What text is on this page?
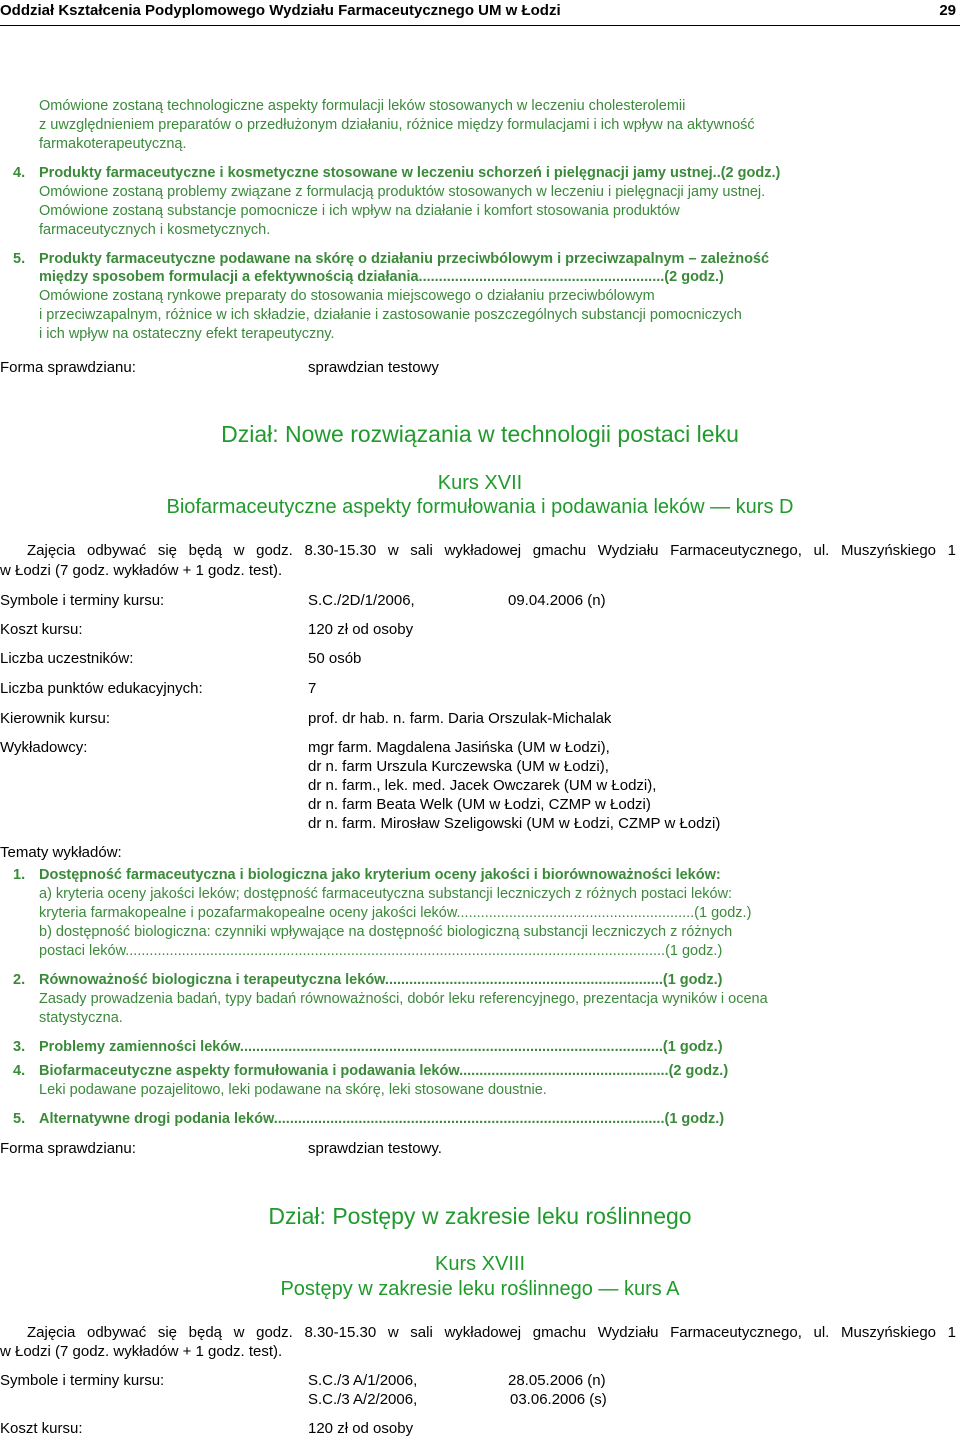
Oddział Kształcenia Podyplomowego Wydziału Farmaceutycznego UM w Łodzi	29
Omówione zostaną technologiczne aspekty formulacji leków stosowanych w leczeniu cholesterolemii
z uwzględnieniem preparatów o przedłużonym działaniu, różnice między formulacjami i ich wpływ na aktywność
farmakoterapeutyczną.
4. Produkty farmaceutyczne i kosmetyczne stosowane w leczeniu schorzeń i pielęgnacji jamy ustnej..(2 godz.)
Omówione zostaną problemy związane z formulacją produktów stosowanych w leczeniu i pielęgnacji jamy ustnej.
Omówione zostaną substancje pomocnicze i ich wpływ na działanie i komfort stosowania produktów
farmaceutycznych i kosmetycznych.
5. Produkty farmaceutyczne podawane na skórę o działaniu przeciwbólowym i przeciwzapalnym – zależność
między sposobem formulacji a efektywnością działania.............................................................(2 godz.)
Omówione zostaną rynkowe preparaty do stosowania miejscowego o działaniu przeciwbólowym
i przeciwzapalnym, różnice w ich składzie, działanie i zastosowanie poszczególnych substancji pomocniczych
i ich wpływ na ostateczny efekt terapeutyczny.
Forma sprawdzianu:	sprawdzian testowy
Dział: Nowe rozwiązania w technologii postaci leku
Kurs XVII
Biofarmaceutyczne aspekty formułowania i podawania leków — kurs D
Zajęcia odbywać się będą w godz. 8.30-15.30 w sali wykładowej gmachu Wydziału Farmaceutycznego, ul. Muszyńskiego 1
w Łodzi (7 godz. wykładów + 1 godz. test).
Symbole i terminy kursu:	S.C./2D/1/2006,	09.04.2006 (n)
Koszt kursu:	120 zł od osoby
Liczba uczestników:	50 osób
Liczba punktów edukacyjnych:	7
Kierownik kursu:	prof. dr hab. n. farm. Daria Orszulak-Michalak
Wykładowcy:	mgr farm. Magdalena Jasińska (UM w Łodzi),
dr n. farm Urszula Kurczewska (UM w Łodzi),
dr n. farm., lek. med. Jacek Owczarek (UM w Łodzi),
dr n. farm Beata Welk (UM w Łodzi, CZMP w Łodzi)
dr n. farm. Mirosław Szeligowski (UM w Łodzi, CZMP w Łodzi)
Tematy wykładów:
1. Dostępność farmaceutyczna i biologiczna jako kryterium oceny jakości i biorównoważności leków:
a) kryteria oceny jakości leków; dostępność farmaceutyczna substancji leczniczych z różnych postaci leków:
kryteria farmakopealne i pozafarmakopealne oceny jakości leków...........................................................(1 godz.)
b) dostępność biologiczna: czynniki wpływające na dostępność biologiczną substancji leczniczych z różnych
postaci leków......................................................................................................................................(1 godz.)
2. Równoważność biologiczna i terapeutyczna leków.....................................................................(1 godz.)
Zasady prowadzenia badań, typy badań równoważności, dobór leku referencyjnego, prezentacja wyników i ocena
statystyczna.
3. Problemy zamienności leków.........................................................................................................(1 godz.)
4. Biofarmaceutyczne aspekty formułowania i podawania leków....................................................(2 godz.)
Leki podawane pozajelitowo, leki podawane na skórę, leki stosowane doustnie.
5. Alternatywne drogi podania leków.................................................................................................(1 godz.)
Forma sprawdzianu:	sprawdzian testowy.
Dział: Postępy w zakresie leku roślinnego
Kurs XVIII
Postępy w zakresie leku roślinnego — kurs A
Zajęcia odbywać się będą w godz. 8.30-15.30 w sali wykładowej gmachu Wydziału Farmaceutycznego, ul. Muszyńskiego 1
w Łodzi (7 godz. wykładów + 1 godz. test).
Symbole i terminy kursu:	S.C./3 A/1/2006,	28.05.2006 (n)
S.C./3 A/2/2006,	03.06.2006 (s)
Koszt kursu:	120 zł od osoby
